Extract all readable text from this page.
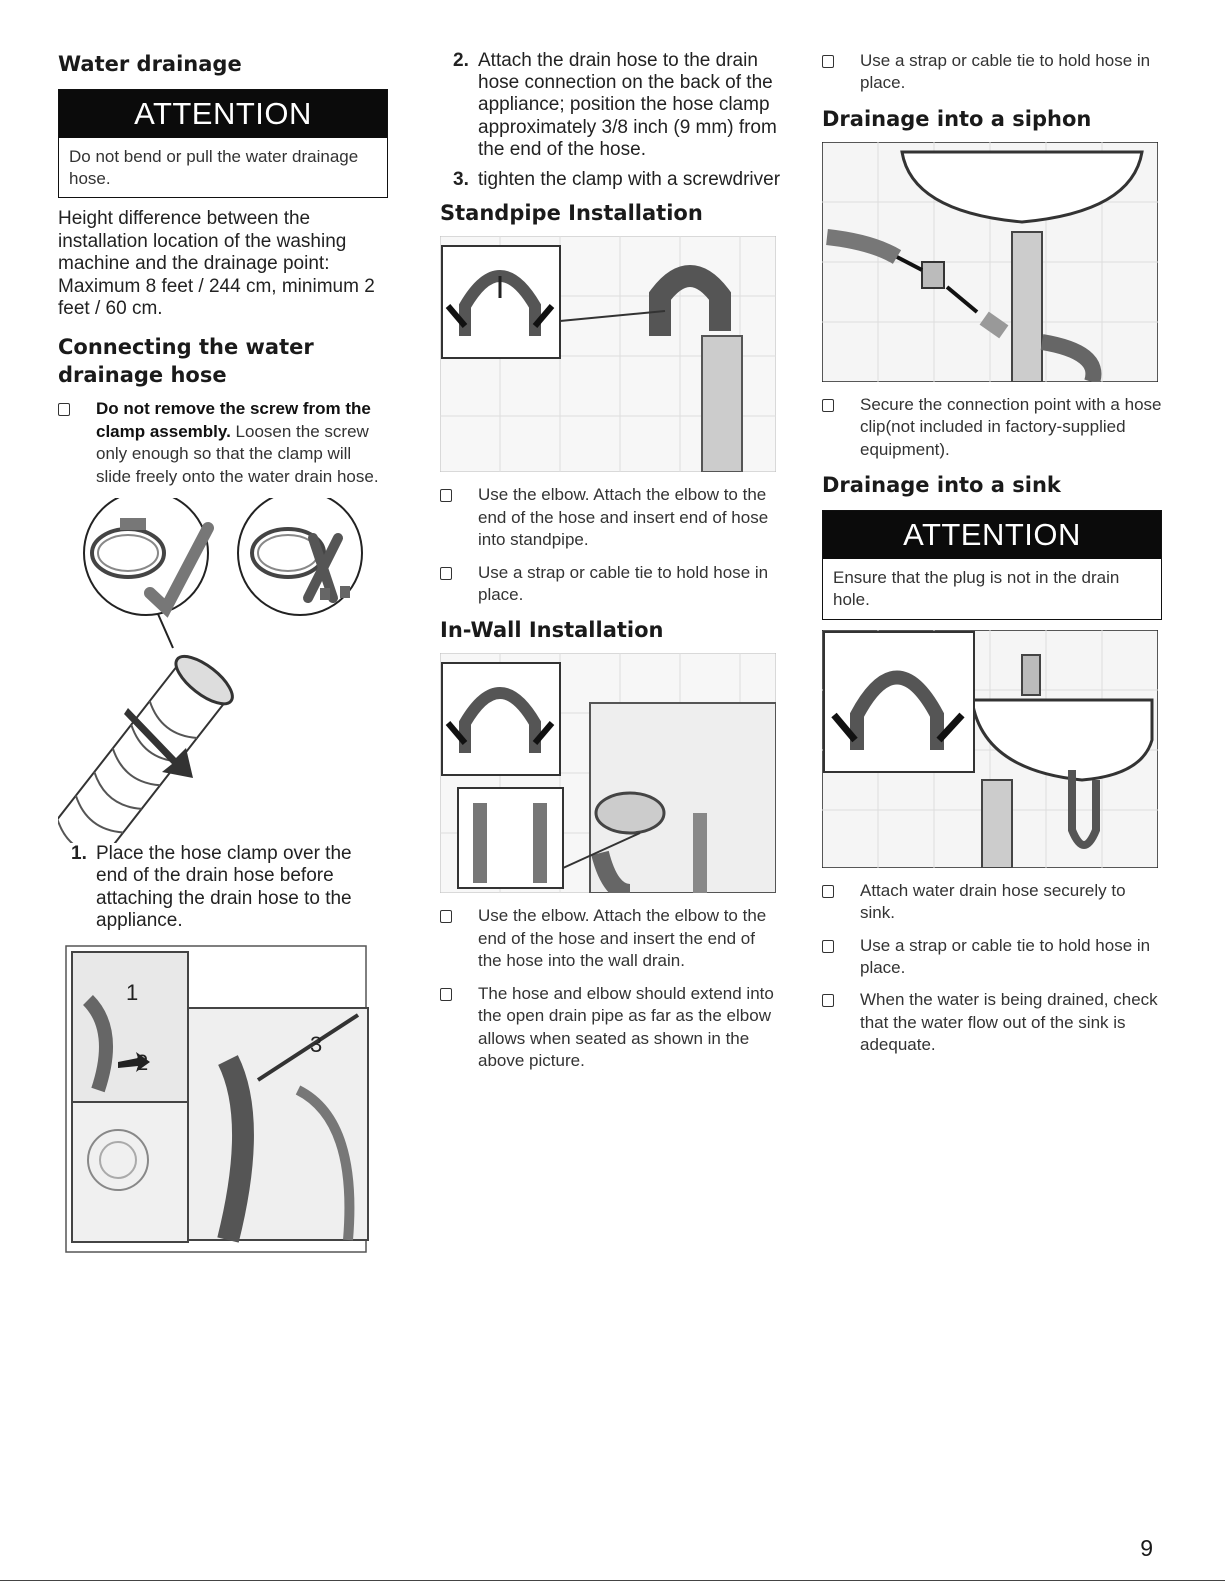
Water drainage
ATTENTION
Do not bend or pull the water drainage hose.

Height difference between the installation location of the washing machine and the drainage point: Maximum 8 feet / 244 cm, minimum 2 feet / 60 cm.

Connecting the water drainage hose
Do not remove the screw from the clamp assembly. Loosen the screw only enough so that the clamp will slide freely onto the water drain hose.
1. Place the hose clamp over the end of the drain hose before attaching the drain hose to the appliance.
1
2
3
2. Attach the drain hose to the drain hose connection on the back of the appliance; position the hose clamp approximately 3/8 inch (9 mm) from the end of the hose.
3. tighten the clamp with a screwdriver
Standpipe Installation
Use the elbow. Attach the elbow to the end of the hose and insert end of hose into standpipe.
Use a strap or cable tie to hold hose in place.
In-Wall Installation
Use the elbow. Attach the elbow to the end of the hose and insert the end of the hose into the wall drain.
The hose and elbow should extend into the open drain pipe as far as the elbow allows when seated as shown in the above picture.
Use a strap or cable tie to hold hose in place.
Drainage into a siphon
Secure the connection point with a hose clip(not included in factory-supplied equipment).
Drainage into a sink
ATTENTION
Ensure that the plug is not in the drain hole.
Attach water drain hose securely to sink.
Use a strap or cable tie to hold hose in place.
When the water is being drained, check that the water flow out of the sink is adequate.
9
